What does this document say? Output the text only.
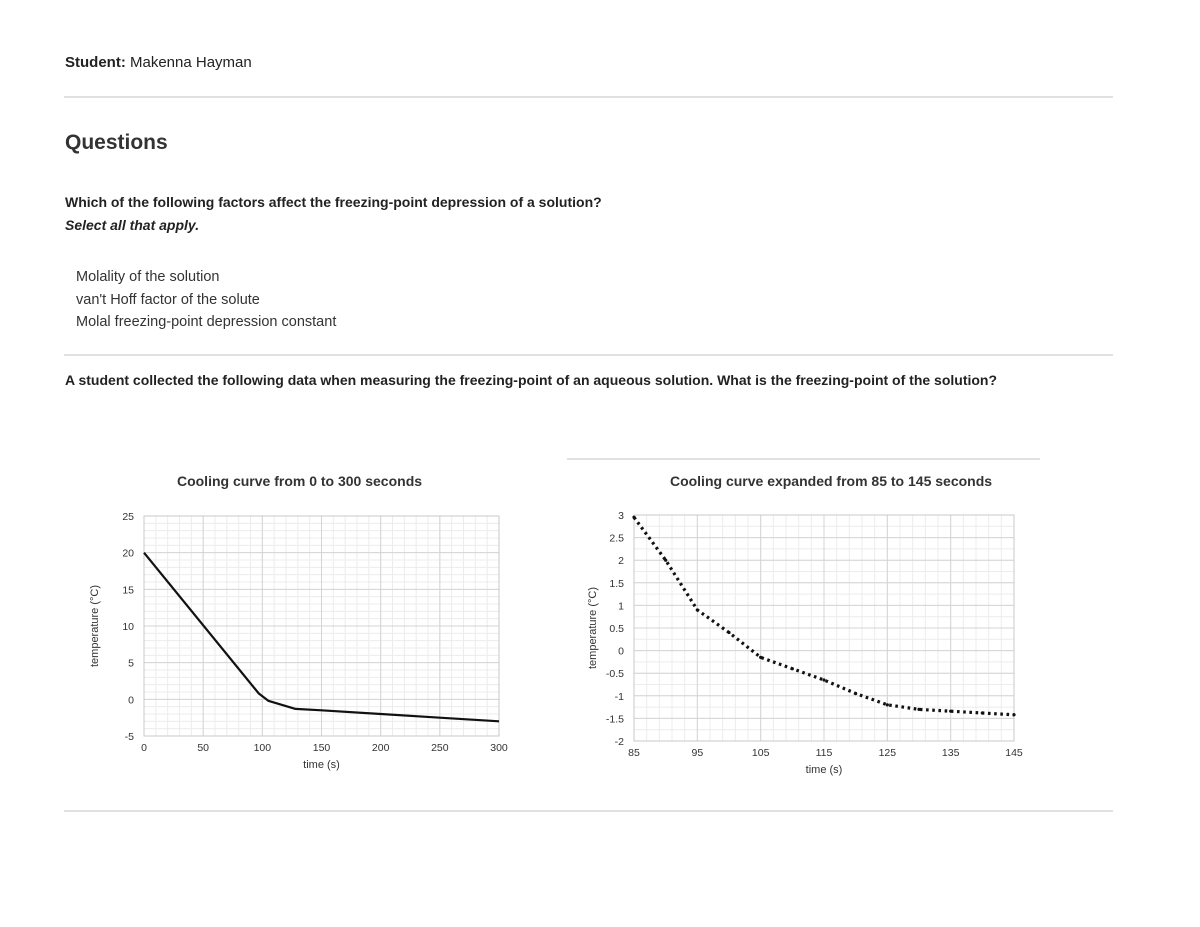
Student: Makenna Hayman
Questions
Which of the following factors affect the freezing-point depression of a solution?
Select all that apply.
Molality of the solution
van't Hoff factor of the solute
Molal freezing-point depression constant
A student collected the following data when measuring the freezing-point of an aqueous solution. What is the freezing-point of the solution?
0	50	100	150	200	250	300
-5
0
5
10
15
20
25
Cooling curve from 0 to 300 seconds
time (s)
temperature (°C)
85	95	105	115	125	135	145
3
2.5
2
1.5
1
0.5
0
-0.5
-1
-1.5
-2
Cooling curve expanded from 85 to 145 seconds
time (s)
temperature (°C)
